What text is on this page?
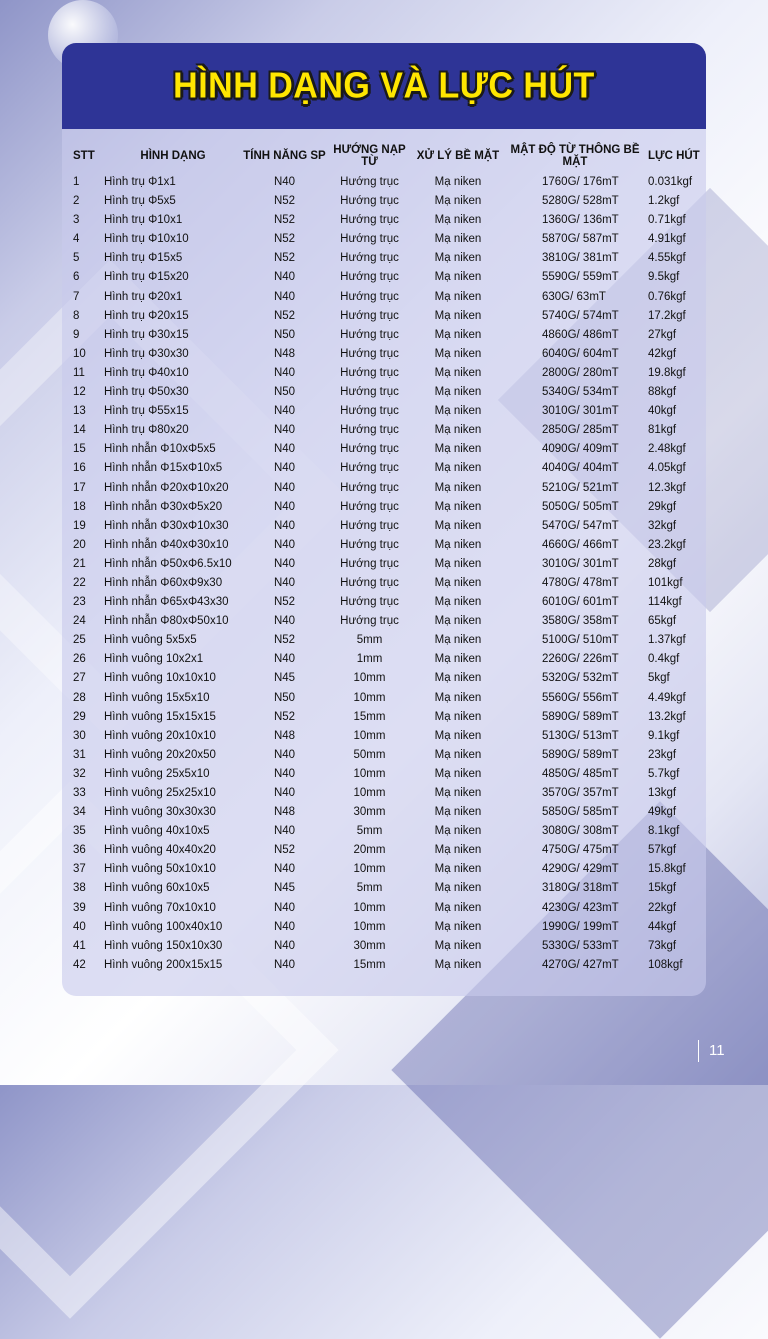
HÌNH DẠNG VÀ LỰC HÚT
STT	HÌNH DẠNG	TÍNH NĂNG SP	HƯỚNG NẠP TỪ	XỬ LÝ BỀ MẶT	MẬT ĐỘ TỪ THÔNG BỀ MẶT	LỰC HÚT
1	Hình trụ Φ1x1	N40	Hướng trục	Mạ niken	1760G/ 176mT	0.031kgf
2	Hình trụ Φ5x5	N52	Hướng trục	Mạ niken	5280G/ 528mT	1.2kgf
3	Hình trụ Φ10x1	N52	Hướng trục	Mạ niken	1360G/ 136mT	0.71kgf
4	Hình trụ Φ10x10	N52	Hướng trục	Mạ niken	5870G/ 587mT	4.91kgf
5	Hình trụ Φ15x5	N52	Hướng trục	Mạ niken	3810G/ 381mT	4.55kgf
6	Hình trụ Φ15x20	N40	Hướng trục	Mạ niken	5590G/ 559mT	9.5kgf
7	Hình trụ Φ20x1	N40	Hướng trục	Mạ niken	630G/ 63mT	0.76kgf
8	Hình trụ Φ20x15	N52	Hướng trục	Mạ niken	5740G/ 574mT	17.2kgf
9	Hình trụ Φ30x15	N50	Hướng trục	Mạ niken	4860G/ 486mT	27kgf
10	Hình trụ Φ30x30	N48	Hướng trục	Mạ niken	6040G/ 604mT	42kgf
11	Hình trụ Φ40x10	N40	Hướng trục	Mạ niken	2800G/ 280mT	19.8kgf
12	Hình trụ Φ50x30	N50	Hướng trục	Mạ niken	5340G/ 534mT	88kgf
13	Hình trụ Φ55x15	N40	Hướng trục	Mạ niken	3010G/ 301mT	40kgf
14	Hình trụ Φ80x20	N40	Hướng trục	Mạ niken	2850G/ 285mT	81kgf
15	Hình nhẫn Φ10xΦ5x5	N40	Hướng trục	Mạ niken	4090G/ 409mT	2.48kgf
16	Hình nhẫn Φ15xΦ10x5	N40	Hướng trục	Mạ niken	4040G/ 404mT	4.05kgf
17	Hình nhẫn Φ20xΦ10x20	N40	Hướng trục	Mạ niken	5210G/ 521mT	12.3kgf
18	Hình nhẫn Φ30xΦ5x20	N40	Hướng trục	Mạ niken	5050G/ 505mT	29kgf
19	Hình nhẫn Φ30xΦ10x30	N40	Hướng trục	Mạ niken	5470G/ 547mT	32kgf
20	Hình nhẫn Φ40xΦ30x10	N40	Hướng trục	Mạ niken	4660G/ 466mT	23.2kgf
21	Hình nhẫn Φ50xΦ6.5x10	N40	Hướng trục	Mạ niken	3010G/ 301mT	28kgf
22	Hình nhẫn Φ60xΦ9x30	N40	Hướng trục	Mạ niken	4780G/ 478mT	101kgf
23	Hình nhẫn Φ65xΦ43x30	N52	Hướng trục	Mạ niken	6010G/ 601mT	114kgf
24	Hình nhẫn Φ80xΦ50x10	N40	Hướng trục	Mạ niken	3580G/ 358mT	65kgf
25	Hình vuông 5x5x5	N52	5mm	Mạ niken	5100G/ 510mT	1.37kgf
26	Hình vuông 10x2x1	N40	1mm	Mạ niken	2260G/ 226mT	0.4kgf
27	Hình vuông 10x10x10	N45	10mm	Mạ niken	5320G/ 532mT	5kgf
28	Hình vuông 15x5x10	N50	10mm	Mạ niken	5560G/ 556mT	4.49kgf
29	Hình vuông 15x15x15	N52	15mm	Mạ niken	5890G/ 589mT	13.2kgf
30	Hình vuông 20x10x10	N48	10mm	Mạ niken	5130G/ 513mT	9.1kgf
31	Hình vuông 20x20x50	N40	50mm	Mạ niken	5890G/ 589mT	23kgf
32	Hình vuông 25x5x10	N40	10mm	Mạ niken	4850G/ 485mT	5.7kgf
33	Hình vuông 25x25x10	N40	10mm	Mạ niken	3570G/ 357mT	13kgf
34	Hình vuông 30x30x30	N48	30mm	Mạ niken	5850G/ 585mT	49kgf
35	Hình vuông 40x10x5	N40	5mm	Mạ niken	3080G/ 308mT	8.1kgf
36	Hình vuông 40x40x20	N52	20mm	Mạ niken	4750G/ 475mT	57kgf
37	Hình vuông 50x10x10	N40	10mm	Mạ niken	4290G/ 429mT	15.8kgf
38	Hình vuông 60x10x5	N45	5mm	Mạ niken	3180G/ 318mT	15kgf
39	Hình vuông 70x10x10	N40	10mm	Mạ niken	4230G/ 423mT	22kgf
40	Hình vuông 100x40x10	N40	10mm	Mạ niken	1990G/ 199mT	44kgf
41	Hình vuông 150x10x30	N40	30mm	Mạ niken	5330G/ 533mT	73kgf
42	Hình vuông 200x15x15	N40	15mm	Mạ niken	4270G/ 427mT	108kgf
11
